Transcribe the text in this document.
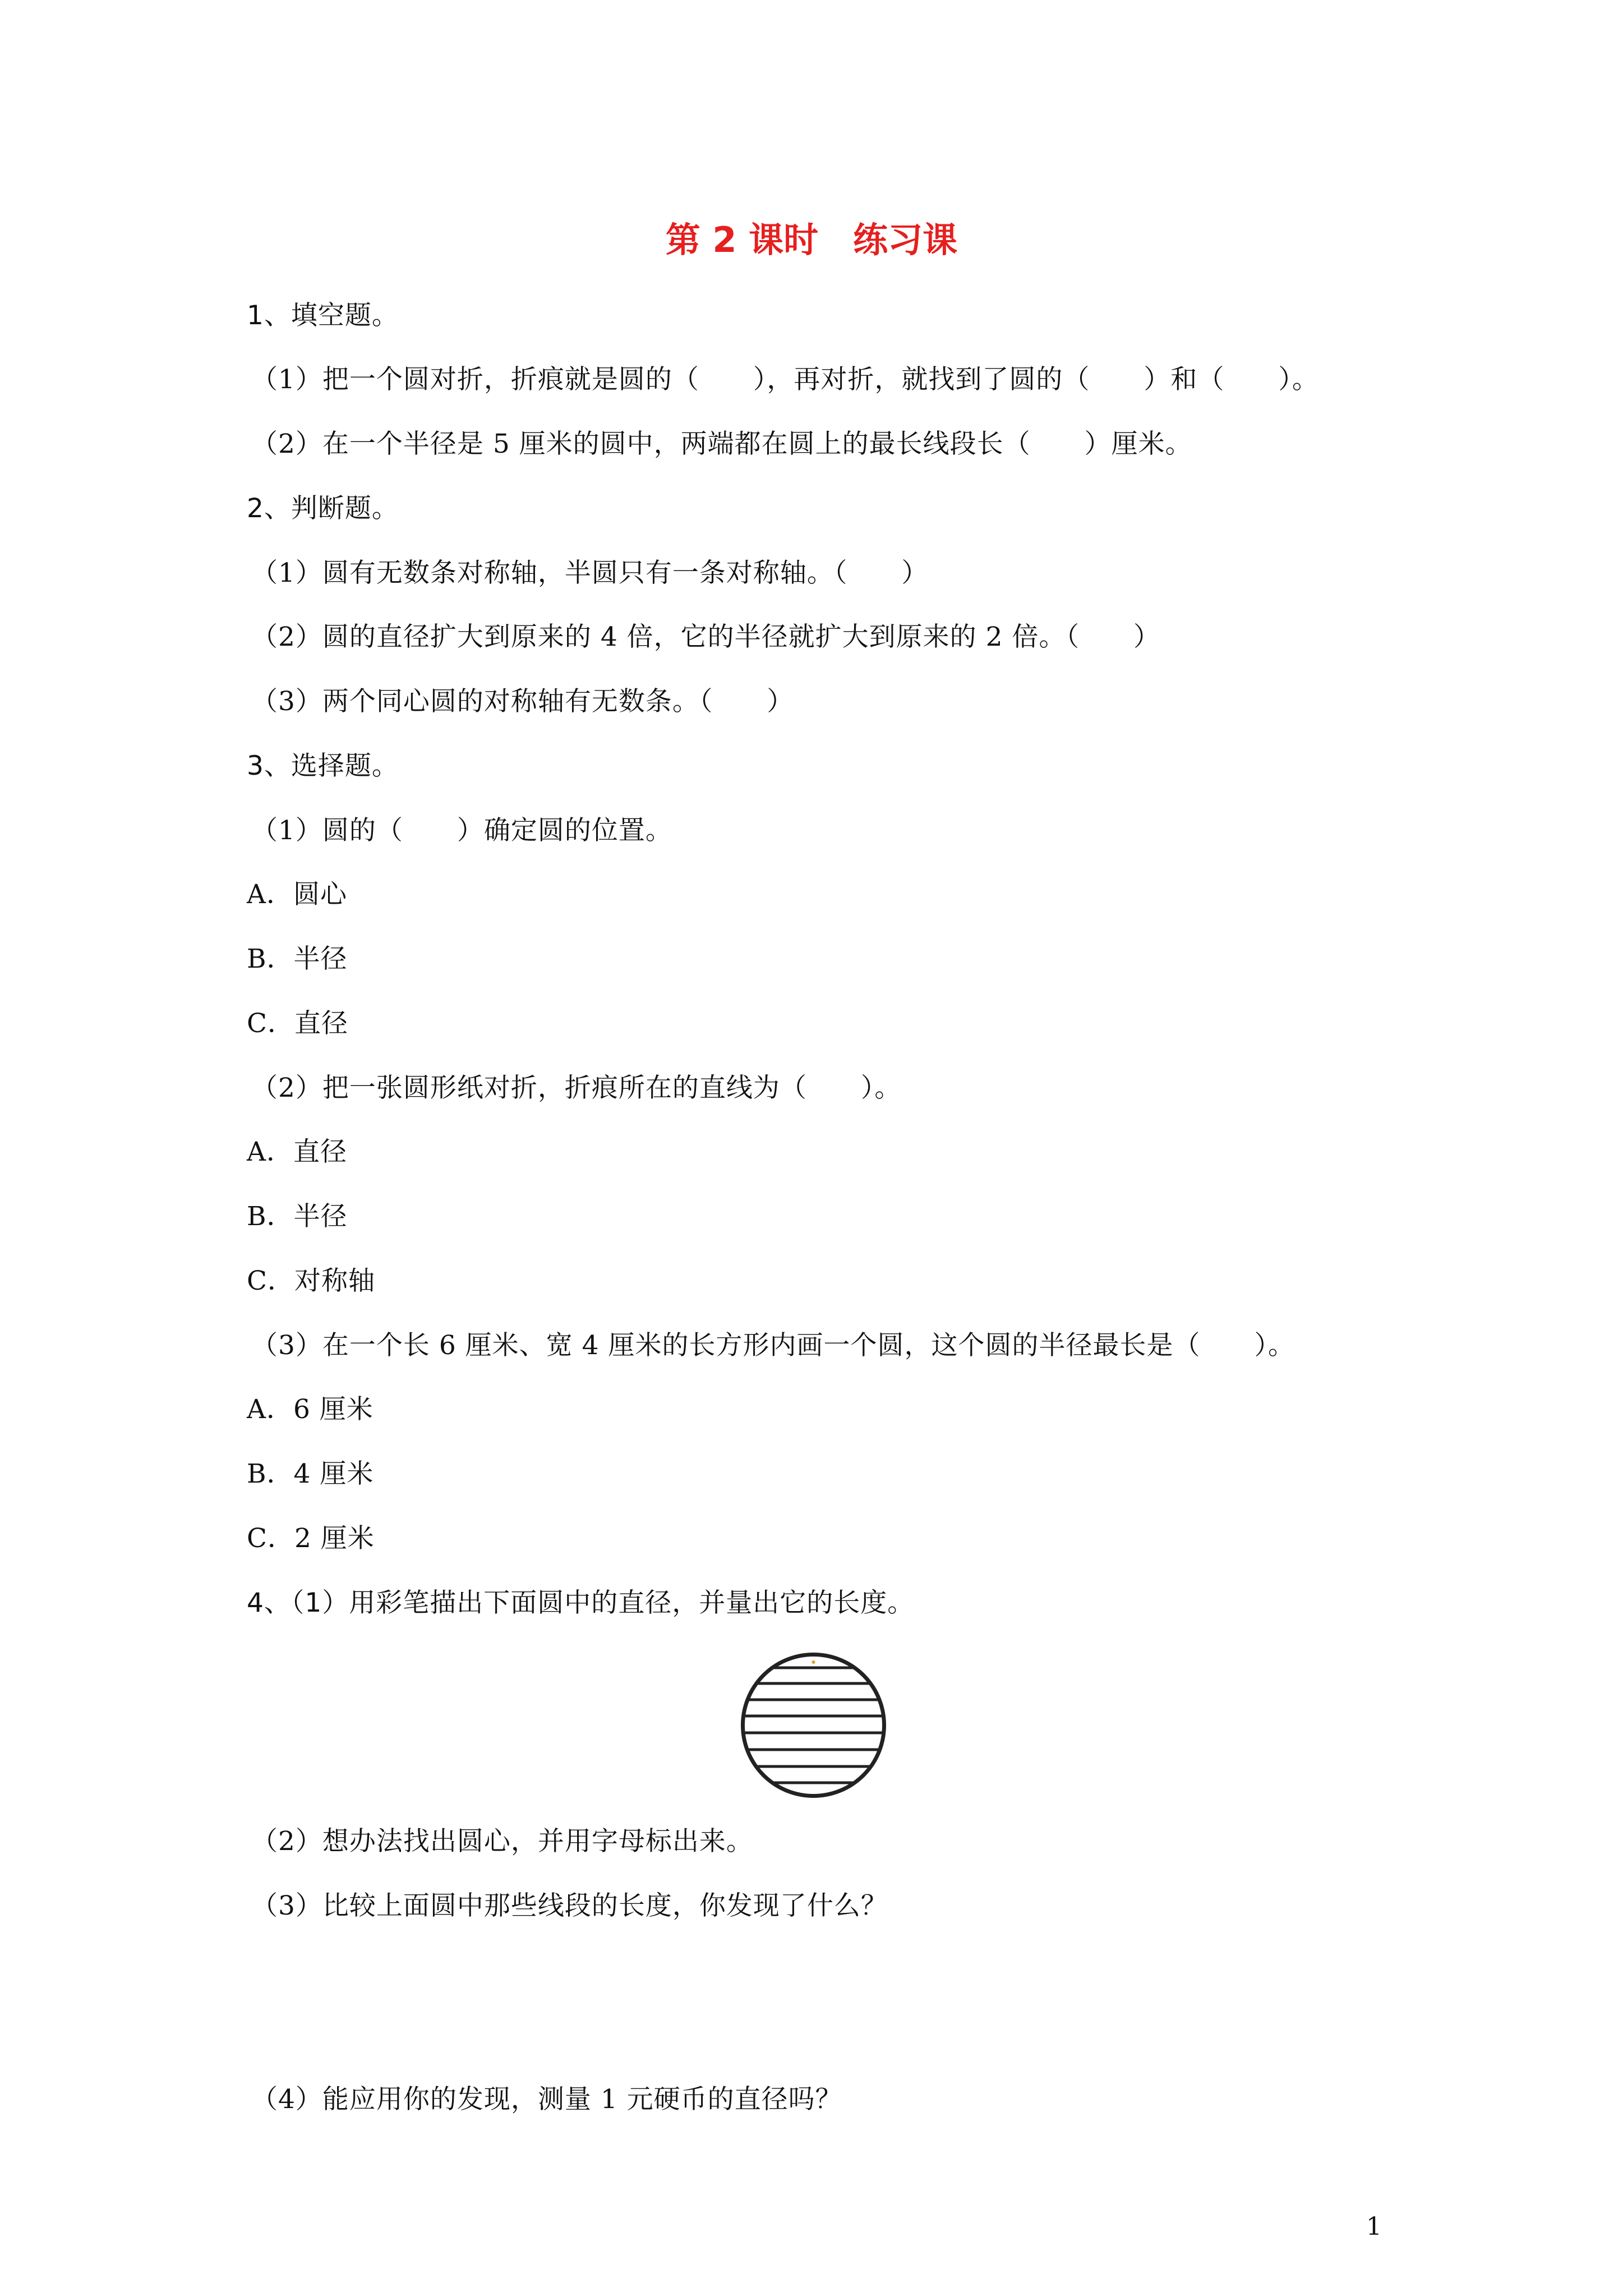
第 2 课时　练习课
1、填空题。
（1）把一个圆对折，折痕就是圆的（　　），再对折，就找到了圆的（　　）和（　　）。
（2）在一个半径是 5 厘米的圆中，两端都在圆上的最长线段长（　　）厘米。
2、判断题。
（1）圆有无数条对称轴，半圆只有一条对称轴。（　　）
（2）圆的直径扩大到原来的 4 倍，它的半径就扩大到原来的 2 倍。（　　）
（3）两个同心圆的对称轴有无数条。（　　）
3、选择题。
（1）圆的（　　）确定圆的位置。
A．圆心
B．半径
C．直径
（2）把一张圆形纸对折，折痕所在的直线为（　　）。
A．直径
B．半径
C．对称轴
（3）在一个长 6 厘米、宽 4 厘米的长方形内画一个圆，这个圆的半径最长是（　　）。
A．6 厘米
B．4 厘米
C．2 厘米
4、（1）用彩笔描出下面圆中的直径，并量出它的长度。
（2）想办法找出圆心，并用字母标出来。
（3）比较上面圆中那些线段的长度，你发现了什么？
（4）能应用你的发现，测量 1 元硬币的直径吗？
1
